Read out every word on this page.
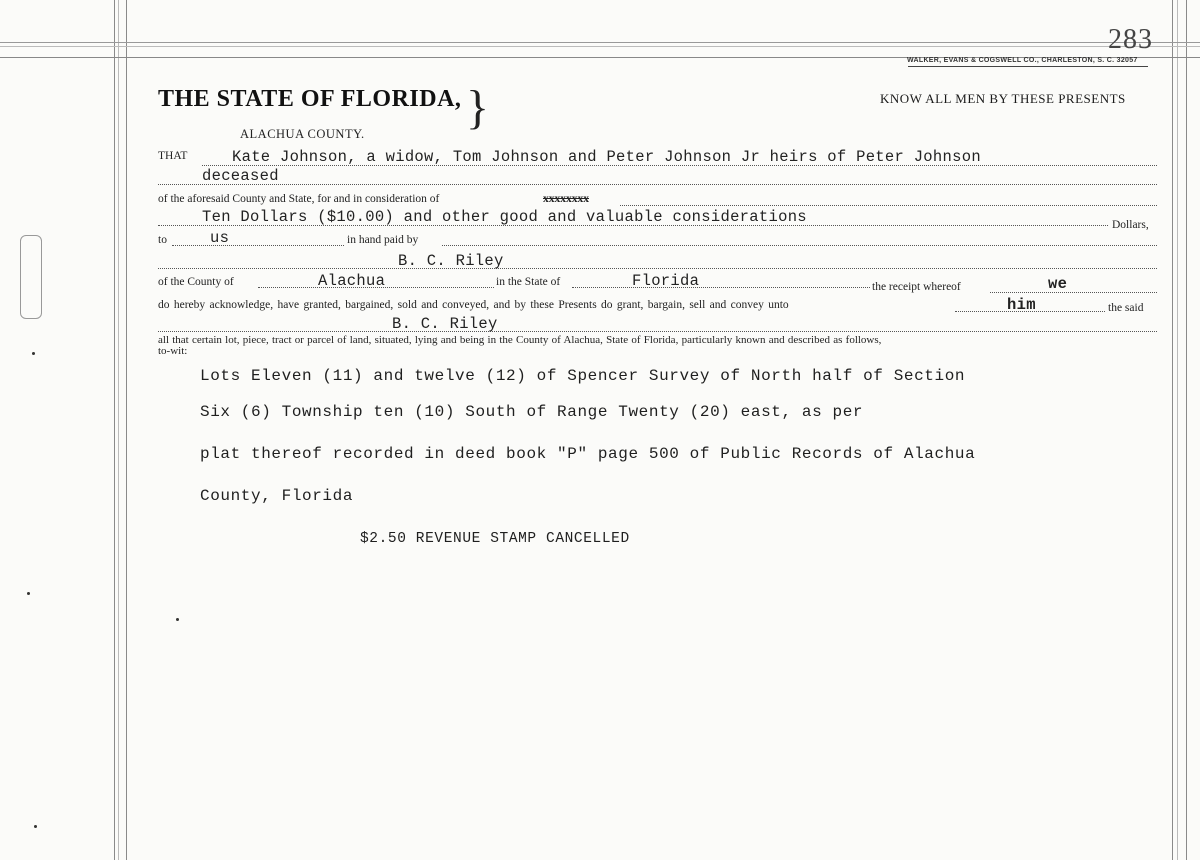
283
WALKER, EVANS & COGSWELL CO., CHARLESTON, S. C. 32057
THE STATE OF FLORIDA, }
ALACHUA COUNTY.
KNOW ALL MEN BY THESE PRESENTS
THAT	Kate Johnson, a widow, Tom Johnson and Peter Johnson Jr heirs of Peter Johnson
deceased
of the aforesaid County and State, for and in consideration of	xxxxxxxx
Ten Dollars ($10.00) and other good and valuable considerations	Dollars,
to	us	in hand paid by
B. C. Riley
of the County of	Alachua	in the State of	Florida	the receipt whereof	we
do hereby acknowledge, have granted, bargained, sold and conveyed, and by these Presents do grant, bargain, sell and convey unto	him	the said
B. C. Riley
all that certain lot, piece, tract or parcel of land, situated, lying and being in the County of Alachua, State of Florida, particularly known and described as follows,
to-wit:
Lots Eleven (11) and twelve (12) of Spencer Survey of North half of Section
Six (6) Township ten (10) South of Range Twenty (20) east, as per
plat thereof recorded in deed book "P" page 500 of Public Records of Alachua
County, Florida
$2.50 REVENUE STAMP CANCELLED
